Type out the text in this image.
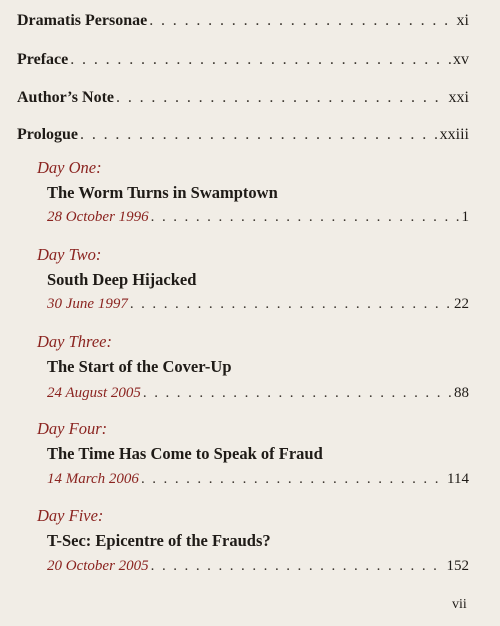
Dramatis Personae . . .	xi
Preface . . .	xv
Author’s Note . . .	xxi
Prologue . . .	xxiii
Day One:
The Worm Turns in Swamptown
28 October 1996 . . .	1
Day Two:
South Deep Hijacked
30 June 1997 . . .	22
Day Three:
The Start of the Cover-Up
24 August 2005 . . .	88
Day Four:
The Time Has Come to Speak of Fraud
14 March 2006 . . .	114
Day Five:
T-Sec: Epicentre of the Frauds?
20 October 2005 . . .	152
vii
